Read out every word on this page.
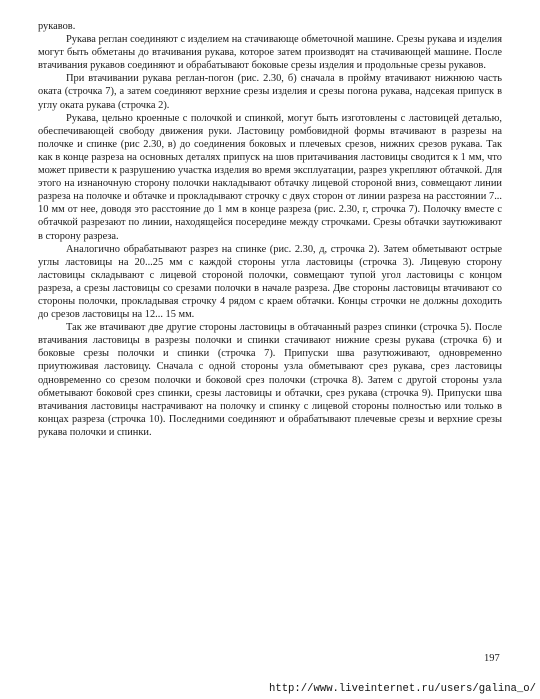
рукавов.

Рукава реглан соединяют с изделием на стачивающе обметочной машине. Срезы рукава и изделия могут быть обметаны до втачивания рукава, которое затем производят на стачивающей машине. После втачивания рукавов соединяют и обрабатывают боковые срезы изделия и продольные срезы рукавов.

При втачивании рукава реглан-погон (рис. 2.30, б) сначала в пройму втачивают нижнюю часть оката (строчка 7), а затем соединяют верхние срезы изделия и срезы погона рукава, надсекая припуск в углу оката рукава (строчка 2).

Рукава, цельно кроенные с полочкой и спинкой, могут быть изготовлены с ластовицей деталью, обеспечивающей свободу движения руки. Ластовицу ромбовидной формы втачивают в разрезы на полочке и спинке (рис 2.30, в) до соединения боковых и плечевых срезов, нижних срезов рукава. Так как в конце разреза на основных деталях припуск на шов притачивания ластовицы сводится к 1 мм, что может привести к разрушению участка изделия во время эксплуатации, разрез укрепляют обтачкой. Для этого на изнаночную сторону полочки накладывают обтачку лицевой стороной вниз, совмещают линии разреза на полочке и обтачке и прокладывают строчку с двух сторон от линии разреза на расстоянии 7... 10 мм от нее, доводя это расстояние до 1 мм в конце разреза (рис. 2.30, г, строчка 7). Полочку вместе с обтачкой разрезают по линии, находящейся посередине между строчками. Срезы обтачки заутюживают в сторону разреза.

Аналогично обрабатывают разрез на спинке (рис. 2.30, д, строчка 2). Затем обметывают острые углы ластовицы на 20...25 мм с каждой стороны угла ластовицы (строчка 3). Лицевую сторону ластовицы складывают с лицевой стороной полочки, совмещают тупой угол ластовицы с концом разреза, а срезы ластовицы со срезами полочки в начале разреза. Две стороны ластовицы втачивают со стороны полочки, прокладывая строчку 4 рядом с краем обтачки. Концы строчки не должны доходить до срезов ластовицы на 12... 15 мм.

Так же втачивают две другие стороны ластовицы в обтачанный разрез спинки (строчка 5). После втачивания ластовицы в разрезы полочки и спинки стачивают нижние срезы рукава (строчка 6) и боковые срезы полочки и спинки (строчка 7). Припуски шва разутюживают, одновременно приутюживая ластовицу. Сначала с одной стороны узла обметывают срез рукава, срез ластовицы одновременно со срезом полочки и боковой срез полочки (строчка 8). Затем с другой стороны узла обметывают боковой срез спинки, срезы ластовицы и обтачки, срез рукава (строчка 9). Припуски шва втачивания ластовицы настрачивают на полочку и спинку с лицевой стороны полностью или только в концах разреза (строчка 10). Последними соединяют и обрабатывают плечевые срезы и верхние срезы рукава полочки и спинки.

197
http://www.liveinternet.ru/users/galina_o/
